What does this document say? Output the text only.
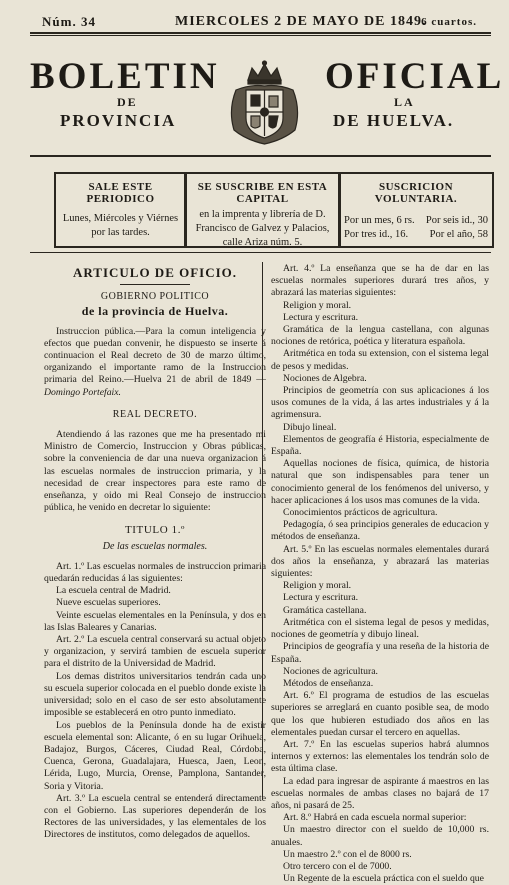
Núm. 34	MIERCOLES 2 DE MAYO DE 1849.
6 cuartos.
BOLETIN
DE
PROVINCIA
OFICIAL
LA
DE HUELVA.
SALE ESTE PERIODICO
Lunes, Miércoles y Viérnes por las tardes.
SE SUSCRIBE EN ESTA CAPITAL
en la imprenta y librería de D. Francisco de Galvez y Palacios, calle Ariza núm. 5.
SUSCRICION VOLUNTARIA.
Por un mes, 6 rs. Por seis id., 30
Por tres id., 16. Por el año, 58
ARTICULO DE OFICIO.
GOBIERNO POLITICO
de la provincia de Huelva.

Instruccion pública.—Para la comun inteligencia y efectos que puedan convenir, he dispuesto se inserte á continuacion el Real decreto de 30 de marzo último, organizando el importante ramo de la Instruccion primaria del Reino.—Huelva 21 de abril de 1849 —Domingo Portefaix.

REAL DECRETO.

Atendiendo á las razones que me ha presentado mi Ministro de Comercio, Instruccion y Obras públicas, sobre la conveniencia de dar una nueva organizacion á las escuelas normales de instruccion primaria, y la necesidad de crear inspectores para este ramo de enseñanza, y oido mi Real Consejo de instruccion pública, he venido en decretar lo siguiente:

TITULO 1.º
De las escuelas normales.

Art. 1.º Las escuelas normales de instruccion primaria quedarán reducidas á las siguientes:

La escuela central de Madrid.

Nueve escuelas superiores.

Veinte escuelas elementales en la Península, y dos en las Islas Baleares y Canarias.

Art. 2.º La escuela central conservará su actual objeto y organizacion, y servirá tambien de escuela superior para el distrito de la Universidad de Madrid.

Los demas distritos universitarios tendrán cada uno su escuela superior colocada en el pueblo donde existe la universidad; solo en el caso de ser esto absolutamente imposible se establecerá en otro punto inmediato.

Los pueblos de la Península donde ha de existir escuela elemental son: Alicante, ó en su lugar Orihuela, Badajoz, Burgos, Cáceres, Ciudad Real, Córdoba, Cuenca, Gerona, Guadalajara, Huesca, Jaen, Leon, Lérida, Lugo, Murcia, Orense, Pamplona, Santander, Soria y Vitoria.

Art. 3.º La escuela central se entenderá directamente con el Gobierno. Las superiores dependerán de los Rectores de las universidades, y las elementales de los Directores de institutos, como delegados de aquellos.

Art. 4.º La enseñanza que se ha de dar en las escuelas normales superiores durará tres años, y abrazará las materias siguientes:

Religion y moral.

Lectura y escritura.

Gramática de la lengua castellana, con algunas nociones de retórica, poética y literatura española.

Aritmética en toda su extension, con el sistema legal de pesos y medidas.

Nociones de Algebra.

Principios de geometría con sus aplicaciones á los usos comunes de la vida, á las artes industriales y á la agrimensura.

Dibujo lineal.

Elementos de geografía é Historia, especialmente de España.

Aquellas nociones de física, química, de historia natural que son indispensables para tener un conocimiento general de los fenómenos del universo, y hacer aplicaciones á los usos mas comunes de la vida.

Conocimientos prácticos de agricultura.

Pedagogía, ó sea principios generales de educacion y métodos de enseñanza.

Art. 5.º En las escuelas normales elementales durará dos años la enseñanza, y abrazará las materias siguientes:

Religion y moral.

Lectura y escritura.

Gramática castellana.

Aritmética con el sistema legal de pesos y medidas, nociones de geometría y dibujo lineal.

Principios de geografía y una reseña de la historia de España.

Nociones de agricultura.

Métodos de enseñanza.

Art. 6.º El programa de estudios de las escuelas superiores se arreglará en cuanto posible sea, de modo que los que hubieren estudiado dos años en las elementales puedan cursar el tercero en aquellas.

Art. 7.º En las escuelas superios habrá alumnos internos y externos: las elementales los tendrán solo de esta última clase.

La edad para ingresar de aspirante á maestros en las escuelas normales de ambas clases no bajará de 17 años, ni pasará de 25.

Art. 8.º Habrá en cada escuela normal superior:

Un maestro director con el sueldo de 10,000 rs. anuales.

Un maestro 2.º con el de 8000 rs.

Otro tercero con el de 7000.

Un Regente de la escuela práctica con el sueldo que
